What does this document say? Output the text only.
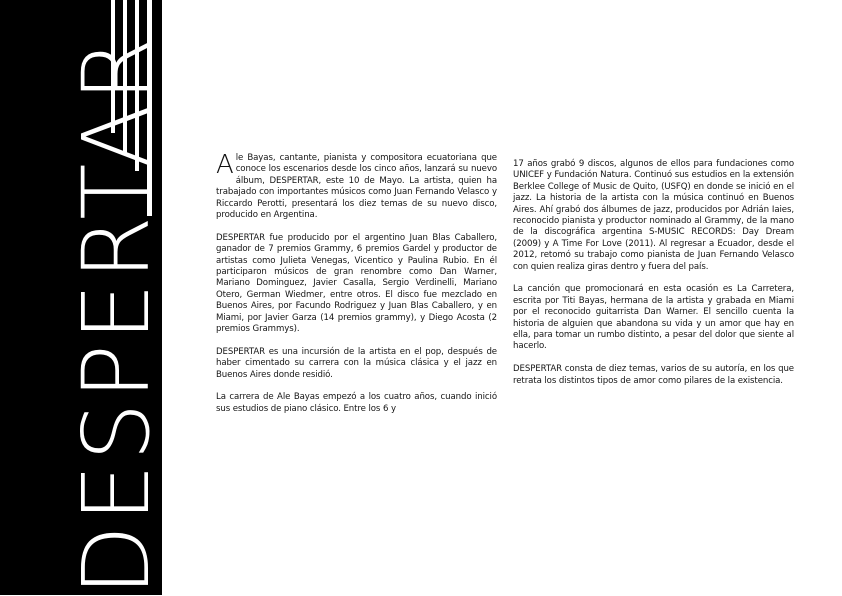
DESPERTAR Ale Bayas, cantante, pianista y compositora ecuatoriana que conoce los escenarios desde los cinco años, lanzará su nuevo álbum, DESPERTAR, este 10 de Mayo. La artista, quien ha trabajado con importantes músicos como Juan Fernando Velasco y Riccardo Perotti, presentará los diez temas de su nuevo disco, producido en Argentina.

DESPERTAR fue producido por el argentino Juan Blas Caballero, ganador de 7 premios Grammy, 6 premios Gardel y productor de artistas como Julieta Venegas, Vicentico y Paulina Rubio. En él participaron músicos de gran renombre como Dan Warner, Mariano Dominguez, Javier Casalla, Sergio Verdinelli, Mariano Otero, German Wiedmer, entre otros. El disco fue mezclado en Buenos Aires, por Facundo Rodriguez y Juan Blas Caballero, y en Miami, por Javier Garza (14 premios grammy), y Diego Acosta (2 premios Grammys).

DESPERTAR es una incursión de la artista en el pop, después de haber cimentado su carrera con la música clásica y el jazz en Buenos Aires donde residió.

La carrera de Ale Bayas empezó a los cuatro años, cuando inició sus estudios de piano clásico. Entre los 6 y

17 años grabó 9 discos, algunos de ellos para fundaciones como UNICEF y Fundación Natura. Continuó sus estudios en la extensión Berklee College of Music de Quito, (USFQ) en donde se inició en el jazz. La historia de la artista con la música continuó en Buenos Aires. Ahí grabó dos álbumes de jazz, producidos por Adrián Iaies, reconocido pianista y productor nominado al Grammy, de la mano de la discográfica argentina S-MUSIC RECORDS: Day Dream (2009) y A Time For Love (2011). Al regresar a Ecuador, desde el 2012, retomó su trabajo como pianista de Juan Fernando Velasco con quien realiza giras dentro y fuera del país.

La canción que promocionará en esta ocasión es La Carretera, escrita por Titi Bayas, hermana de la artista y grabada en Miami por el reconocido guitarrista Dan Warner. El sencillo cuenta la historia de alguien que abandona su vida y un amor que hay en ella, para tomar un rumbo distinto, a pesar del dolor que siente al hacerlo.

DESPERTAR consta de diez temas, varios de su autoría, en los que retrata los distintos tipos de amor como pilares de la existencia.
